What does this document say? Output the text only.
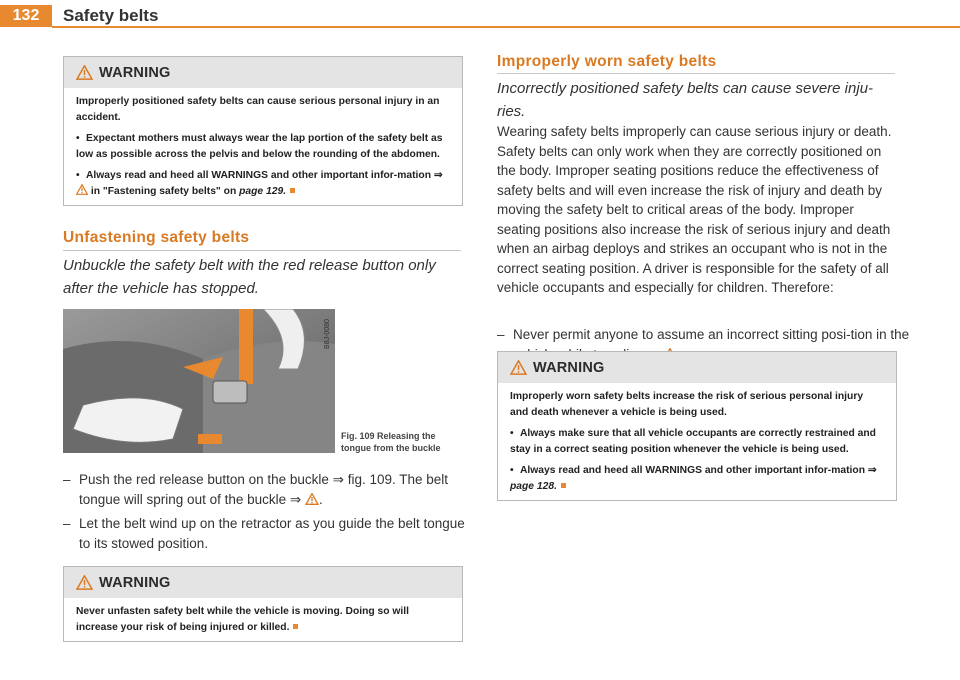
132	Safety belts
WARNING

Improperly positioned safety belts can cause serious personal injury in an accident.

• Expectant mothers must always wear the lap portion of the safety belt as low as possible across the pelvis and below the rounding of the abdomen.

• Always read and heed all WARNINGS and other important infor-mation ⇒  in "Fastening safety belts" on page 129.

Unfastening safety belts
Unbuckle the safety belt with the red release button only after the vehicle has stopped.
B8J-0080
Fig. 109 Releasing the
tongue from the buckle
– Push the red release button on the buckle ⇒ fig. 109. The belt tongue will spring out of the buckle ⇒ .
– Let the belt wind up on the retractor as you guide the belt tongue to its stowed position.
WARNING

Never unfasten safety belt while the vehicle is moving. Doing so will increase your risk of being injured or killed.

Improperly worn safety belts
Incorrectly positioned safety belts can cause severe inju-ries.
Wearing safety belts improperly can cause serious injury or death. Safety belts can only work when they are correctly positioned on the body. Improper seating positions reduce the effectiveness of safety belts and will even increase the risk of injury and death by moving the safety belt to critical areas of the body. Improper seating positions also increase the risk of serious injury and death when an airbag deploys and strikes an occupant who is not in the correct seating position. A driver is responsible for the safety of all vehicle occupants and especially for children. Therefore:
– Never permit anyone to assume an incorrect sitting posi-tion in the
WARNING

Improperly worn safety belts increase the risk of serious personal injury and death whenever a vehicle is being used.

• Always make sure that all vehicle occupants are correctly restrained and stay in a correct seating position whenever the vehicle is being used.

• Always read and heed all WARNINGS and other important infor-mation ⇒ page 128.
